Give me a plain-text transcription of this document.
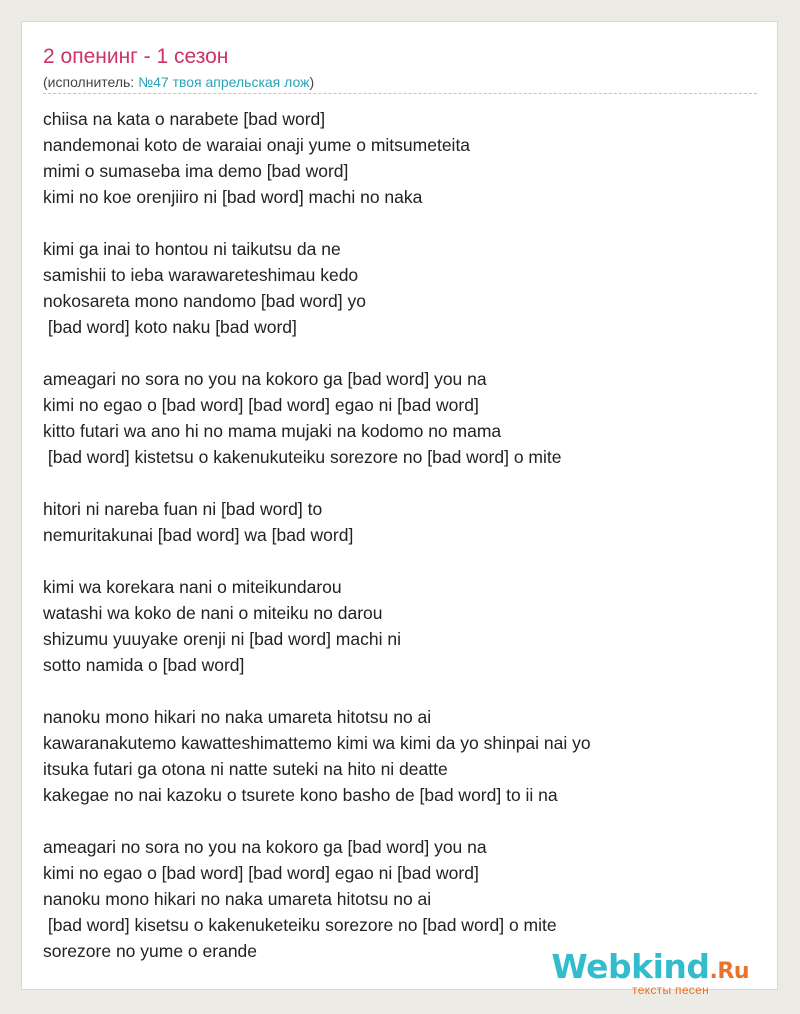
2 опенинг - 1 сезон
(исполнитель: №47 твоя апрельская лож)
chiisa na kata o narabete [bad word]
nandemonai koto de waraiai onaji yume o mitsumeteita
mimi o sumaseba ima demo [bad word]
kimi no koe orenjiiro ni [bad word] machi no naka
kimi ga inai to hontou ni taikutsu da ne
samishii to ieba warawareteshimau kedo
nokosareta mono nandomo [bad word] yo
[bad word] koto naku [bad word]
ameagari no sora no you na kokoro ga [bad word] you na
kimi no egao o [bad word] [bad word] egao ni [bad word]
kitto futari wa ano hi no mama mujaki na kodomo no mama
[bad word] kistetsu o kakenukuteiku sorezore no [bad word] o mite
hitori ni nareba fuan ni [bad word] to
nemuritakunai [bad word] wa [bad word]
kimi wa korekara nani o miteikundarou
watashi wa koko de nani o miteiku no darou
shizumu yuuyake orenji ni [bad word] machi ni
sotto namida o [bad word]
nanoku mono hikari no naka umareta hitotsu no ai
kawaranakutemo kawatteshimattemo kimi wa kimi da yo shinpai nai yo
itsuka futari ga otona ni natte suteki na hito ni deatte
kakegae no nai kazoku o tsurete kono basho de [bad word] to ii na
ameagari no sora no you na kokoro ga [bad word] you na
kimi no egao o [bad word] [bad word] egao ni [bad word]
nanoku mono hikari no naka umareta hitotsu no ai
[bad word] kisetsu o kakenuketeiku sorezore no [bad word] o mite
sorezore no yume o erande	Webkind.Ru
тексты песен
